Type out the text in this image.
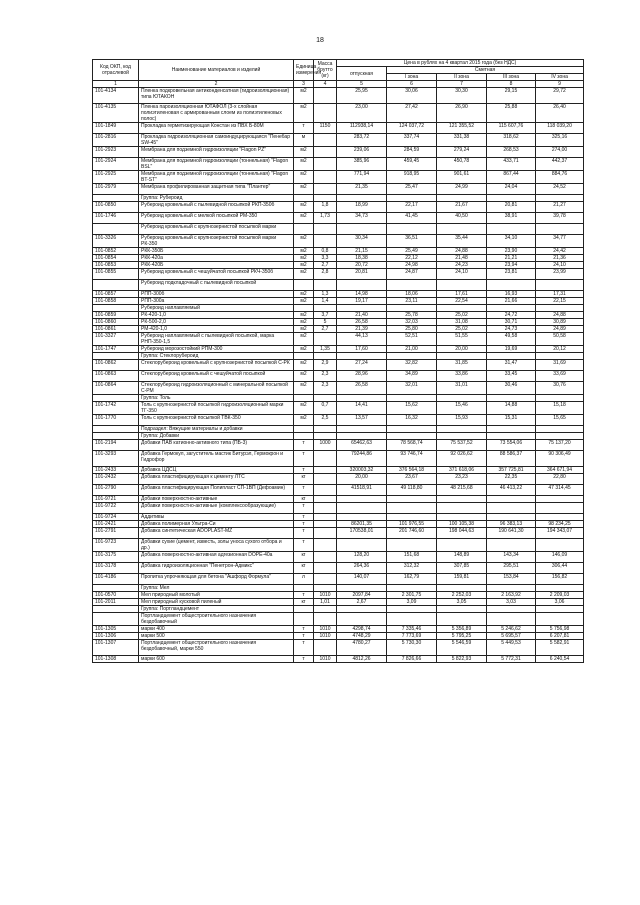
18
Код ОКП, код отраслевой	Наименование материалов и изделий	Единица измерения	Масса брутто (кг)	Цена в рублях на 4 квартал 2015 года (без НДС)				
				отпускная	Сметная			
					I зона	II зона	III зона	IV зона
1	2	3	4	5	6	7	8	9
101-4134	Пленка подкровельная антиконденсатная (гидроизоляционная) типа ЮТАКОН	м2		25,95	30,06	30,30	29,15	29,72
101-4135	Пленка пароизоляционная ЮТАФОЛ (3-х слойная полиэтиленовая с армированным слоем из полиэтиленовых полос)	м2		23,00	27,42	26,90	25,88	26,40
101-1849	Прокладка герметизирующая Констан из ПВХ Б-80М	т	1150	112938,14	124 037,72	121 355,52	115 607,76	118 039,20
101-2816	Прокладка гидроизоляционная самоиндуцирующаяся "Пенебар SW-45"	м		283,72	337,74	331,38	318,62	325,16
101-2923	Мембрана для подземной гидроизоляции "Flagon PZ"	м2		239,06	284,59	279,24	268,53	274,00
101-2924	Мембрана для подземной гидроизоляции (тоннельная) "Flagon BSL"	м2		385,96	459,45	450,78	433,71	442,37
101-2925	Мембрана для подземной гидроизоляции (тоннельная) "Flagon BT-ST"	м2		771,94	918,95	901,61	867,44	884,76
101-2979	Мембрана профилированная защитная типа "Плантер"	м2		21,35	25,47	24,99	24,04	24,52
	Группа: Рубероид							
101-0850	Рубероид кровельный с пылевидной посыпкой РКП-350б	м2	1,8	18,99	22,17	21,67	20,81	21,27
101-1746	Рубероид кровельный с мелкой посыпкой РМ-350	м2	1,73	34,73	41,45	40,50	38,91	39,78
	Рубероид кровельный с крупнозернистой посыпкой марки							
101-3326	Рубероид кровельный с крупнозернистой посыпкой марки РК-350	м2		30,34	36,51	35,44	34,10	34,77
101-0852	РКК-350Б	м2	0,8	21,15	25,49	24,88	23,90	24,42
101-0854	РКК-420а	м2	3,3	18,38	22,12	21,48	21,21	21,36
101-0853	РКК-420Б	м2	2,7	20,72	24,98	24,23	23,94	24,10
101-0855	Рубероид кровельный с чешуйчатой посыпкой РКЧ-350б	м2	2,8	20,81	24,87	24,10	23,81	23,99
	Рубероид подкладочный с пылевидной посыпкой							
101-0857	РПП-300б	м2	1,3	14,98	18,06	17,61	16,93	17,31
101-0858	РПП-300а	м2	1,4	19,17	23,11	22,54	21,66	22,15
	Рубероид наплавляемый							
101-0859	РК-420-1,0	м2	3,7	21,40	25,78	25,02	24,72	24,88
101-0860	РК-500-2,0	м2	5	26,58	32,03	31,08	30,71	30,89
101-0861	РМ-420-1,0	м2	2,7	21,39	25,80	25,02	24,73	24,89
101-3327	Рубероид наплавляемый с пылевидной посыпкой, марка РНП-350-1,5	м2		44,13	52,51	51,55	49,58	50,58
101-1747	Рубероид морозостойкий РПМ-300	м2	1,35	17,60	21,00	20,00	19,69	20,12
	Группа: Стеклорубероид							
101-0862	Стеклорубероид кровельный с крупнозернистой посыпкой С-РК	м2	2,9	27,24	32,82	31,85	31,47	31,69
101-0863	Стеклорубероид кровельный с чешуйчатой посыпкой	м2	2,3	28,96	34,89	33,86	33,45	33,69
101-0864	Стеклорубероид гидроизоляционный с минеральной посыпкой С-РМ	м2	2,3	26,58	32,01	31,01	30,46	30,76
	Группа: Толь							
101-1742	Толь с крупнозернистой посыпкой гидроизоляционный марки ТГ-350	м2	0,7	14,41	15,62	15,46	14,88	15,18
101-1770	Толь с крупнозернистой посыпкой ТВК-350	м2	2,5	13,57	16,32	15,93	15,31	15,65
	Подраздел: Вяжущие материалы и добавки							
	Группа: Добавки							
101-2194	Добавки ПАВ катионно-активного типа (ПБ-3)	т	1000	65462,63	78 568,74	75 537,52	73 554,06	75 137,20
101-3293	Добавка Гермокул, загуститель мастик Битурэл, Гермокрон и Гидрофор	т		79244,86	93 746,74	92 026,62	88 586,37	90 306,49
101-2433	Добавка ЦДСЦ	т		320003,32	376 564,18	371 618,06	357 725,81	364 671,94
101-2432	Добавка пластифицирующая к цементу ЛТС	кг		20,00	23,67	23,23	22,35	22,80
101-2790	Добавка пластифицирующая Полипласт СП-1ВП (Дефоамин)	т		41518,91	49 118,80	48 215,68	46 413,22	47 314,45
101-9721	Добавки поверхностно-активные	кг						
101-9722	Добавки поверхностно-активные (комплексообразующие)	т						
101-9724	Аддитивы	т						
101-2421	Добавка полимерная Ультра-Си	т		86201,35	101 976,55	100 105,38	96 383,13	98 234,25
101-2791	Добавка синтетическая ADOPLAST-MZ	т		170538,01	201 746,60	198 044,63	190 641,30	194 343,07
101-9723	Добавки сухие (цемент, известь, золы уноса сухого отбора и др.)	т						
101-3175	Добавка поверхностно-активная адгезионная DOPE-40а	кг		128,20	151,68	148,89	143,34	146,09
101-3178	Добавка гидроизоляционная "Пенетрон-Адмикс"	кг		264,36	312,32	307,85	295,51	306,44
101-4186	Пропитка упрочняющая для бетона "Ашфорд Формула"	л		140,07	162,79	159,81	153,84	156,82
	Группа: Мел							
101-0570	Мел природный молотый	т	1010	2097,84	2 301,75	2 252,03	2 163,92	2 209,03
101-2011	Мел природный кусковой пиленый	кг	1,01	2,67	3,09	3,05	3,03	3,06
	Группа: Портландцемент							
	Портландцемент общестроительного назначения бездобавочный							
101-1305	марки 400	т	1010	4298,74	7 335,46	5 356,89	5 246,62	5 756,98
101-1306	марки 500	т	1010	4748,29	7 773,69	5 795,25	5 695,57	6 207,81
101-1307	Портландцемент общестроительного назначения бездобавочный, марки 550	т		4780,27	5 730,30	5 546,59	5 449,53	5 582,91
101-1308	марки 600	т	1010	4812,26	7 826,66	5 822,93	5 772,31	6 240,54
